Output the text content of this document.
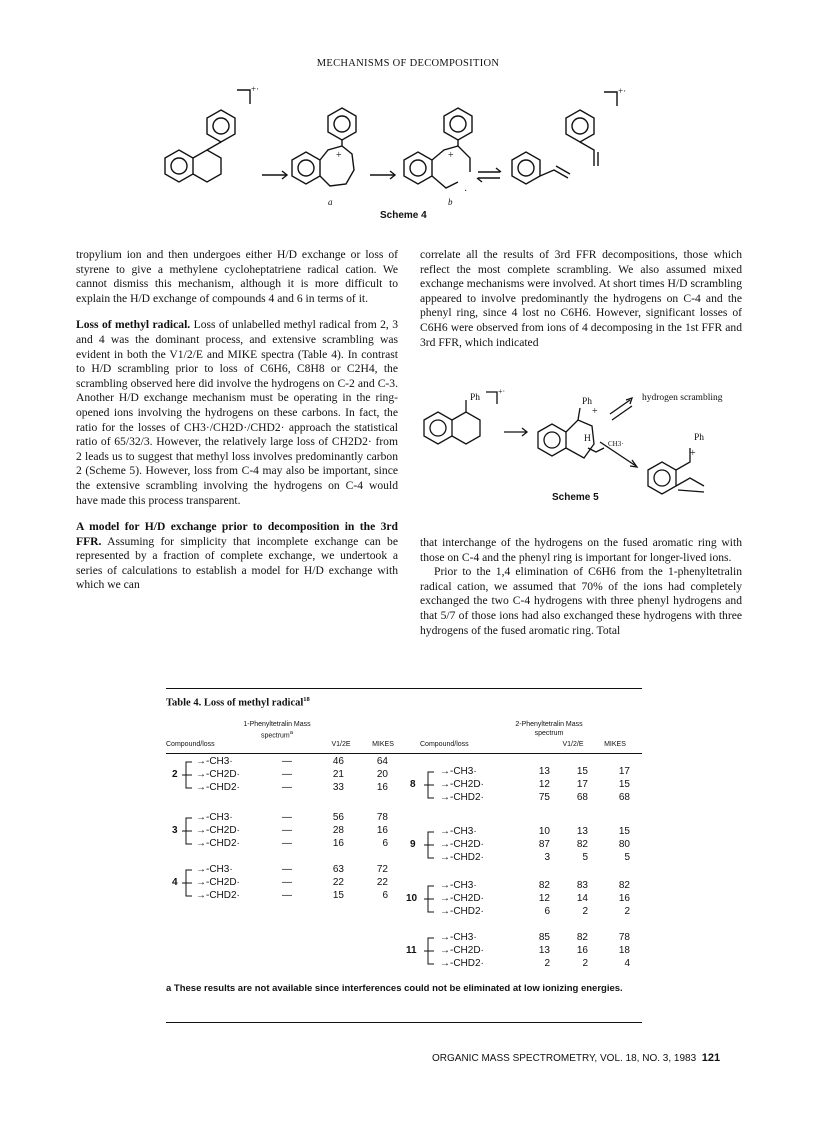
MECHANISMS OF DECOMPOSITION
+·	+·
+	+
·
a	b
Scheme 4

tropylium ion and then undergoes either H/D exchange or loss of styrene to give a methylene cycloheptatriene radical cation. We cannot dismiss this mechanism, although it is more difficult to explain the H/D exchange of compounds 4 and 6 in terms of it.

Loss of methyl radical. Loss of unlabelled methyl radical from 2, 3 and 4 was the dominant process, and extensive scrambling was evident in both the V1/2/E and MIKE spectra (Table 4). In contrast to H/D scrambling prior to loss of C6H6, C8H8 or C2H4, the scrambling observed here did involve the hydrogens on C-2 and C-3. Another H/D exchange mechanism must be operating in the ring-opened ions involving the hydrogens on these carbons. In fact, the ratio for the losses of CH3·/CH2D·/CHD2· approach the statistical ratio of 65/32/3. However, the relatively large loss of CH2D2· from 2 leads us to suggest that methyl loss involves predominantly carbon 2 (Scheme 5). However, loss from C-4 may also be important, since the extensive scrambling involving the hydrogens on C-4 would have made this process transparent.

A model for H/D exchange prior to decomposition in the 3rd FFR. Assuming for simplicity that incomplete exchange can be represented by a fraction of complete exchange, we undertook a series of calculations to establish a model for H/D exchange with which we can

correlate all the results of 3rd FFR decompositions, those which reflect the most complete scrambling. We also assumed mixed exchange mechanisms were involved. At short times H/D scrambling appeared to involve predominantly the hydrogens on C-4 and the phenyl ring, since 4 lost no C6H6. However, significant losses of C6H6 were observed from ions of 4 decomposing in the 1st FFR and 3rd FFR, which indicated

Ph
+·
Ph
+
H CH3·
Ph
+
hydrogen scrambling
Scheme 5

that interchange of the hydrogens on the fused aromatic ring with those on C-4 and the phenyl ring is important for longer-lived ions.

Prior to the 1,4 elimination of C6H6 from the 1-phenyltetralin radical cation, we assumed that 70% of the ions had completely exchanged the two C-4 hydrogens with three phenyl hydrogens and that 5/7 of those ions had also exchanged these hydrogens with three hydrogens of the fused aromatic ring. Total

Table 4. Loss of methyl radical$^{18}$
1-Phenyltetralin Mass spectrum$^a$
Compound/loss	V1/2E	MIKES	Compound/loss
2-Phenyltetralin Mass spectrum
V1/2/E	MIKES
2
→-CH3·	—	46	64
→-CH2D·	—	21	20
→-CHD2·	—	33	16
3
→-CH3·	—	56	78
→-CH2D·	—	28	16
→-CHD2·	—	16	6
4
→-CH3·	—	63	72
→-CH2D·	—	22	22
→-CHD2·	—	15	6
8
→-CH3·	13	15	17
→-CH2D·	12	17	15
→-CHD2·	75	68	68
9
→-CH3·	10	13	15
→-CH2D·	87	82	80
→-CHD2·	3	5	5
10
→-CH3·	82	83	82
→-CH2D·	12	14	16
→-CHD2·	6	2	2
11
→-CH3·	85	82	78
→-CH2D·	13	16	18
→-CHD2·	2	2	4
a These results are not available since interferences could not be eliminated at low ionizing energies.
ORGANIC MASS SPECTROMETRY, VOL. 18, NO. 3, 1983 121
